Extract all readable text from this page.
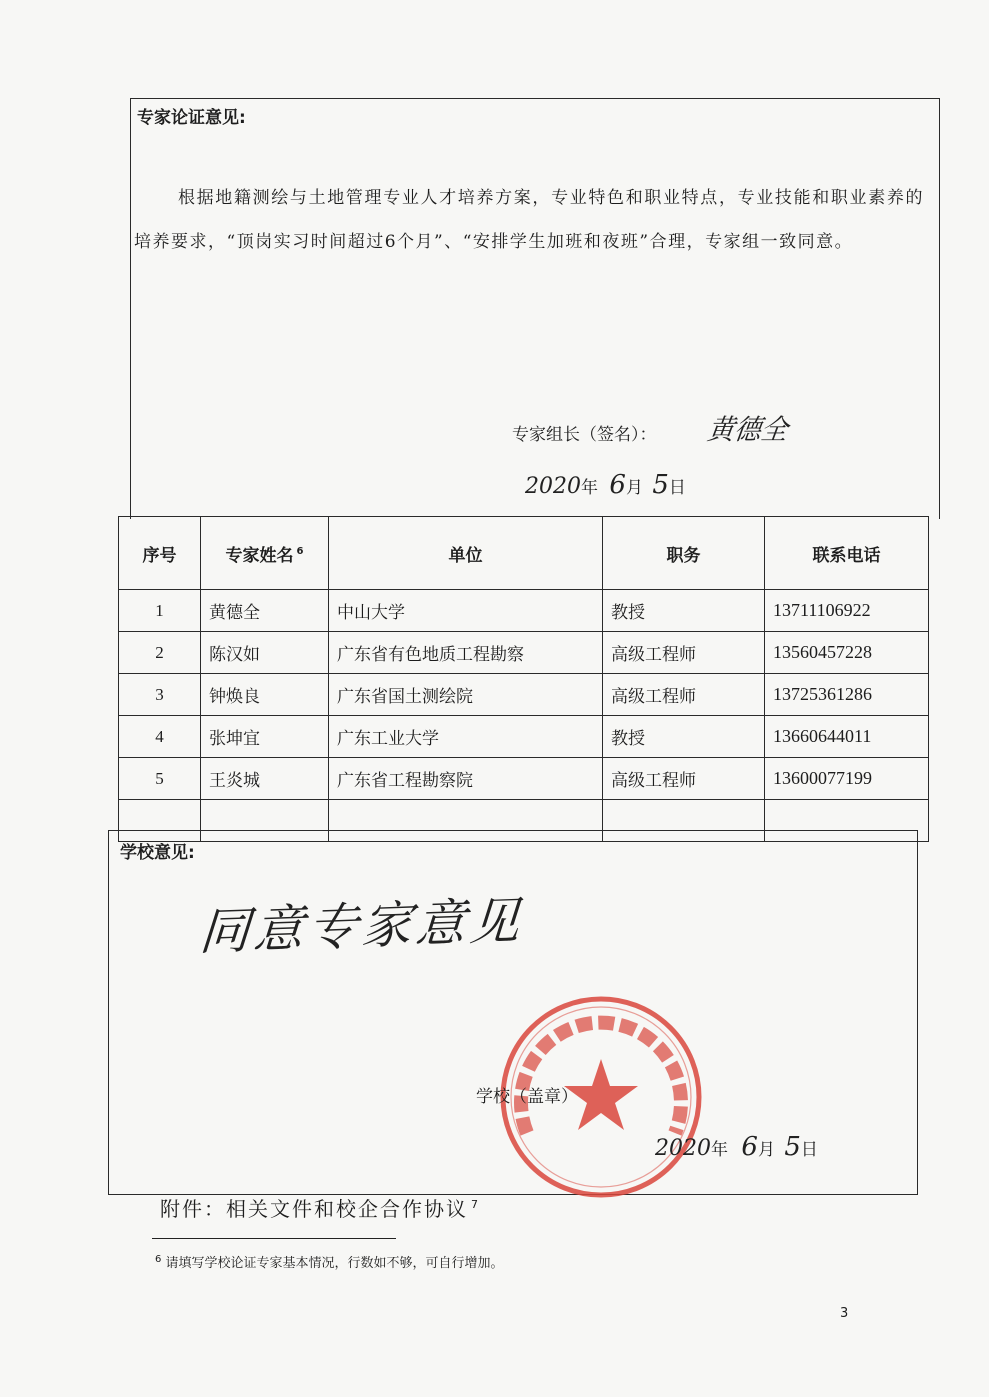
专家论证意见:

根据地籍测绘与土地管理专业人才培养方案，专业特色和职业特点，专业技能和职业素养的培养要求，“顶岗实习时间超过6个月”、“安排学生加班和夜班”合理，专家组一致同意。

专家组长（签名）： 黄德全
2020年 6月 5日
序号	专家姓名 $^6$	单位	职务	联系电话
1	黄德全	中山大学	教授	13711106922
2	陈汉如	广东省有色地质工程勘察	高级工程师	13560457228
3	钟焕良	广东省国土测绘院	高级工程师	13725361286
4	张坤宜	广东工业大学	教授	13660644011
5	王炎城	广东省工程勘察院	高级工程师	13600077199

学校意见:
同意专家意见
学校（盖章）
2020年 6月 5日
附件：相关文件和校企合作协议 $^7$
$^6$ 请填写学校论证专家基本情况，行数如不够，可自行增加。
3
